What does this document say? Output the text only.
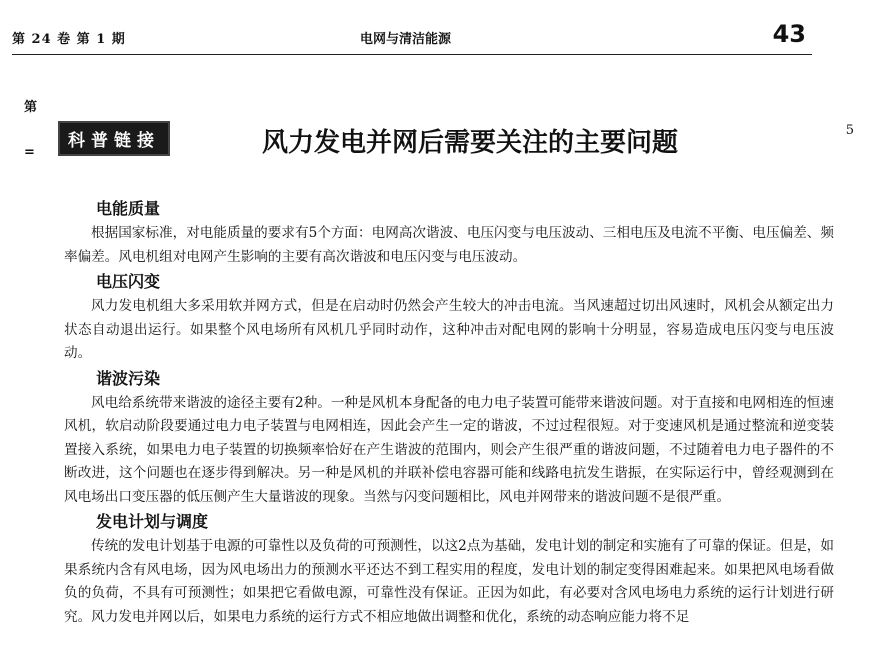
第 24 卷 第 1 期	电网与清洁能源	43
第
=
5
科普链接	风力发电并网后需要关注的主要问题
电能质量

根据国家标准，对电能质量的要求有5个方面：电网高次谐波、电压闪变与电压波动、三相电压及电流不平衡、电压偏差、频率偏差。风电机组对电网产生影响的主要有高次谐波和电压闪变与电压波动。

电压闪变

风力发电机组大多采用软并网方式，但是在启动时仍然会产生较大的冲击电流。当风速超过切出风速时，风机会从额定出力状态自动退出运行。如果整个风电场所有风机几乎同时动作，这种冲击对配电网的影响十分明显，容易造成电压闪变与电压波动。

谐波污染

风电给系统带来谐波的途径主要有2种。一种是风机本身配备的电力电子装置可能带来谐波问题。对于直接和电网相连的恒速风机，软启动阶段要通过电力电子装置与电网相连，因此会产生一定的谐波，不过过程很短。对于变速风机是通过整流和逆变装置接入系统，如果电力电子装置的切换频率恰好在产生谐波的范围内，则会产生很严重的谐波问题，不过随着电力电子器件的不断改进，这个问题也在逐步得到解决。另一种是风机的并联补偿电容器可能和线路电抗发生谐振，在实际运行中，曾经观测到在风电场出口变压器的低压侧产生大量谐波的现象。当然与闪变问题相比，风电并网带来的谐波问题不是很严重。

发电计划与调度

传统的发电计划基于电源的可靠性以及负荷的可预测性，以这2点为基础，发电计划的制定和实施有了可靠的保证。但是，如果系统内含有风电场，因为风电场出力的预测水平还达不到工程实用的程度，发电计划的制定变得困难起来。如果把风电场看做负的负荷，不具有可预测性；如果把它看做电源，可靠性没有保证。正因为如此，有必要对含风电场电力系统的运行计划进行研究。风力发电并网以后，如果电力系统的运行方式不相应地做出调整和优化，系统的动态响应能力将不足
